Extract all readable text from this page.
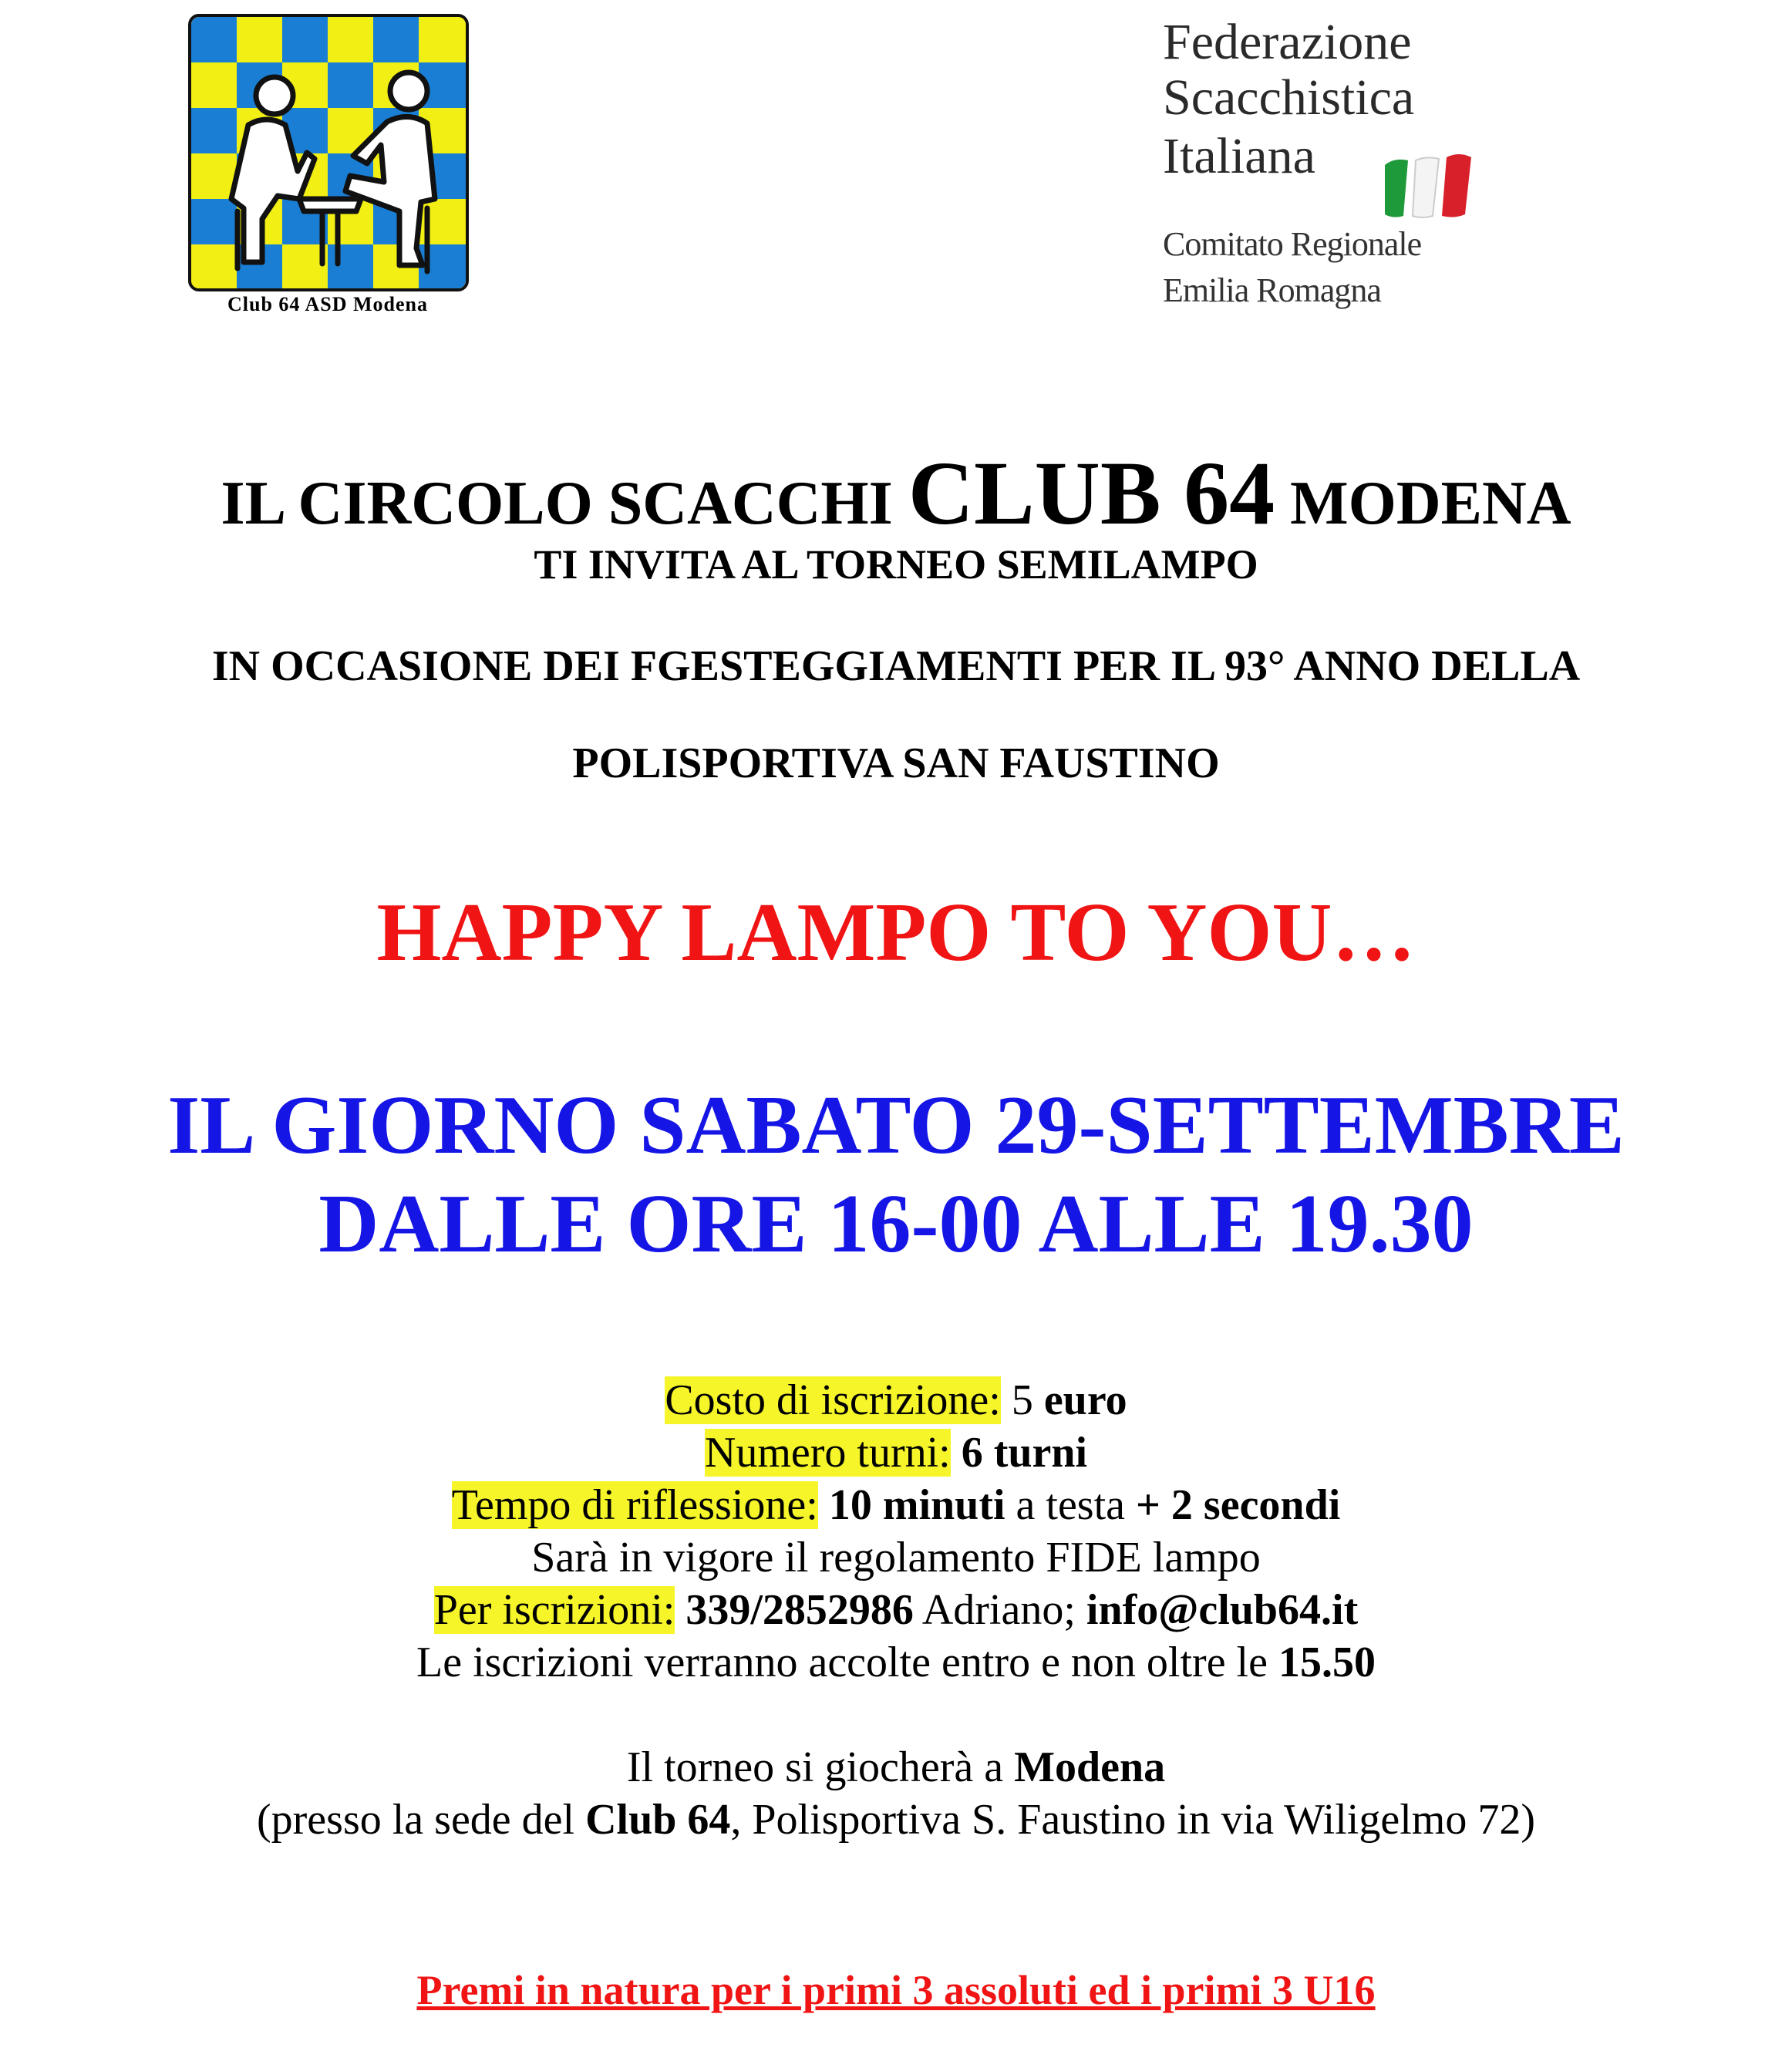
Club 64 ASD Modena
Federazione
Scacchistica
Italiana
Comitato Regionale
Emilia Romagna
IL CIRCOLO SCACCHI CLUB 64 MODENA
TI INVITA AL TORNEO SEMILAMPO
IN OCCASIONE DEI FGESTEGGIAMENTI PER IL 93° ANNO DELLA
POLISPORTIVA SAN FAUSTINO
HAPPY LAMPO TO YOU…
IL GIORNO SABATO 29-SETTEMBRE
DALLE ORE 16-00 ALLE 19.30
Costo di iscrizione: 5 euro
Numero turni: 6 turni
Tempo di riflessione: 10 minuti a testa + 2 secondi
Sarà in vigore il regolamento FIDE lampo
Per iscrizioni: 339/2852986 Adriano; info@club64.it
Le iscrizioni verranno accolte entro e non oltre le 15.50
Il torneo si giocherà a Modena
(presso la sede del Club 64, Polisportiva S. Faustino in via Wiligelmo 72)
Premi in natura per i primi 3 assoluti ed i primi 3 U16
